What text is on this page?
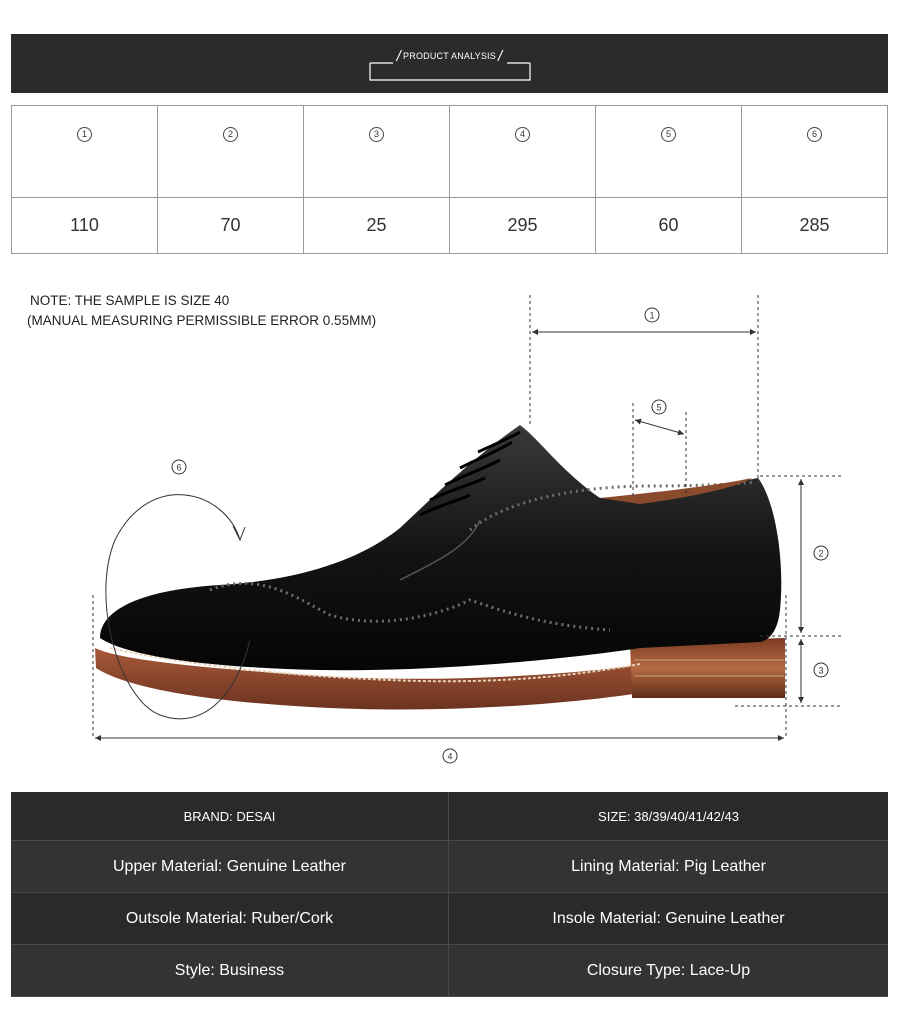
/ PRODUCT ANALYSIS /
1	2	3	4	5	6
110	70	25	295	60	285
NOTE: THE SAMPLE IS SIZE 40
(MANUAL MEASURING PERMISSIBLE ERROR 0.55MM)	1
2
3
4
5
6
BRAND: DESAI	SIZE: 38/39/40/41/42/43
Upper Material: Genuine Leather	Lining Material: Pig Leather
Outsole Material: Ruber/Cork	Insole Material: Genuine Leather
Style: Business	Closure Type: Lace-Up
